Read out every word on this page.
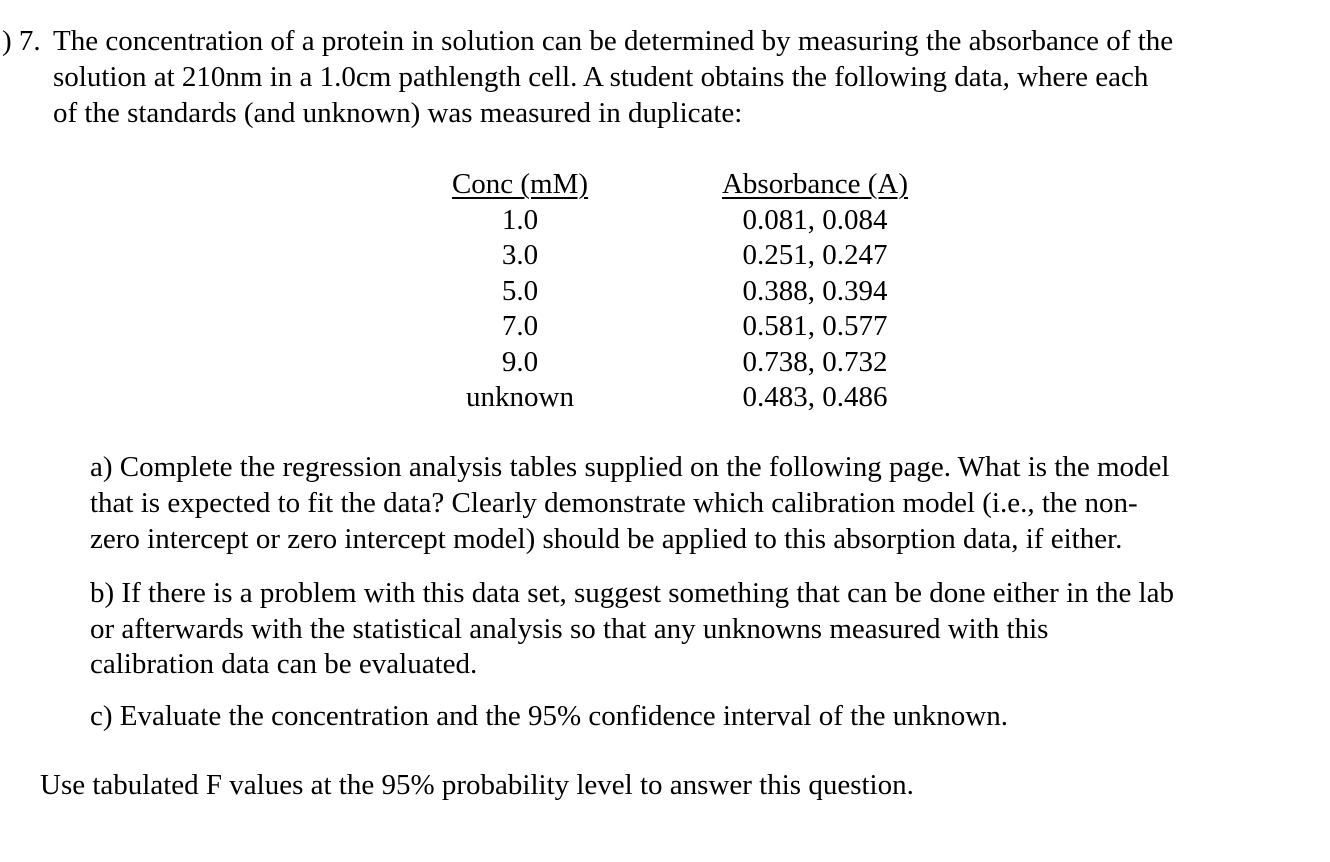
) 7. The concentration of a protein in solution can be determined by measuring the absorbance of the
solution at 210nm in a 1.0cm pathlength cell. A student obtains the following data, where each
of the standards (and unknown) was measured in duplicate:
Conc (mM)
1.0
3.0
5.0
7.0
9.0
unknown
Absorbance (A)
0.081, 0.084
0.251, 0.247
0.388, 0.394
0.581, 0.577
0.738, 0.732
0.483, 0.486
a) Complete the regression analysis tables supplied on the following page. What is the model
that is expected to fit the data? Clearly demonstrate which calibration model (i.e., the non-
zero intercept or zero intercept model) should be applied to this absorption data, if either.
b) If there is a problem with this data set, suggest something that can be done either in the lab
or afterwards with the statistical analysis so that any unknowns measured with this
calibration data can be evaluated.
c) Evaluate the concentration and the 95% confidence interval of the unknown.
Use tabulated F values at the 95% probability level to answer this question.
